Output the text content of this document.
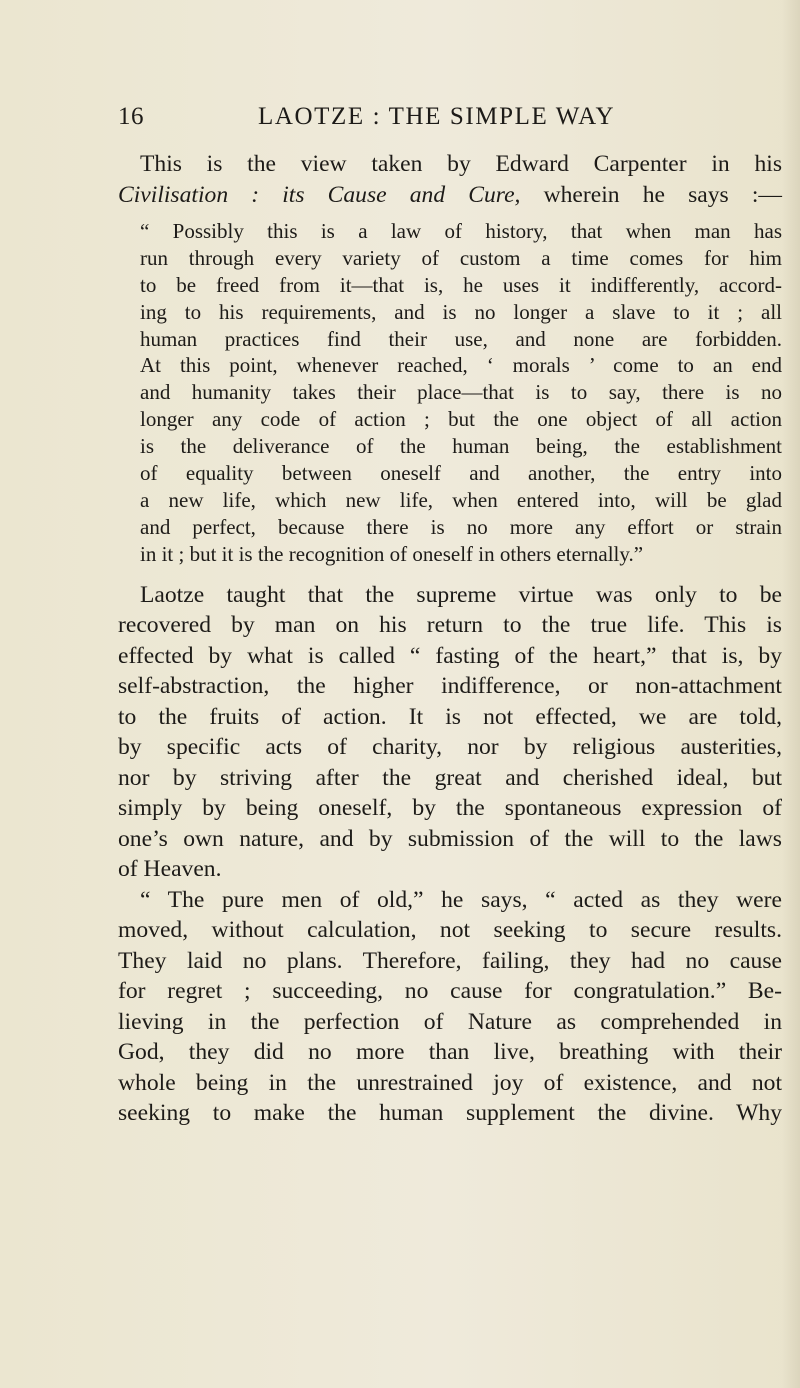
16	LAOTZE : THE SIMPLE WAY
This is the view taken by Edward Carpenter in his
Civilisation : its Cause and Cure, wherein he says :—
“ Possibly this is a law of history, that when man has
run through every variety of custom a time comes for him
to be freed from it—that is, he uses it indifferently, accord-
ing to his requirements, and is no longer a slave to it ; all
human practices find their use, and none are forbidden.
At this point, whenever reached, ‘ morals ’ come to an end
and humanity takes their place—that is to say, there is no
longer any code of action ; but the one object of all action
is the deliverance of the human being, the establishment
of equality between oneself and another, the entry into
a new life, which new life, when entered into, will be glad
and perfect, because there is no more any effort or strain
in it ; but it is the recognition of oneself in others eternally.”
Laotze taught that the supreme virtue was only to be
recovered by man on his return to the true life. This is
effected by what is called “ fasting of the heart,” that is, by
self-abstraction, the higher indifference, or non-attachment
to the fruits of action. It is not effected, we are told,
by specific acts of charity, nor by religious austerities,
nor by striving after the great and cherished ideal, but
simply by being oneself, by the spontaneous expression of
one’s own nature, and by submission of the will to the laws
of Heaven.
“ The pure men of old,” he says, “ acted as they were
moved, without calculation, not seeking to secure results.
They laid no plans. Therefore, failing, they had no cause
for regret ; succeeding, no cause for congratulation.” Be-
lieving in the perfection of Nature as comprehended in
God, they did no more than live, breathing with their
whole being in the unrestrained joy of existence, and not
seeking to make the human supplement the divine. Why
